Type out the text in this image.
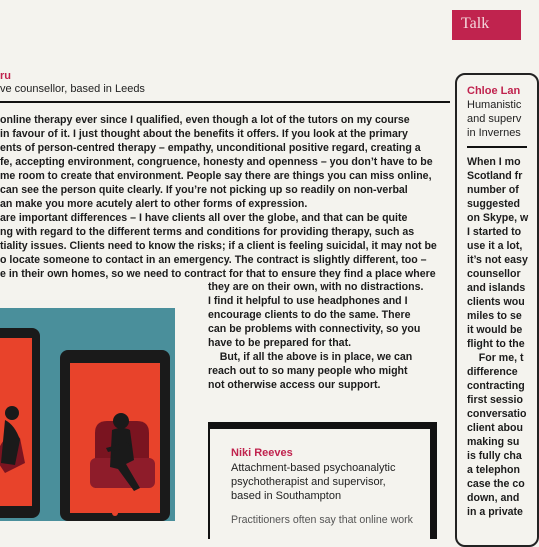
ru
ve counsellor, based in Leeds
online therapy ever since I qualified, even though a lot of the tutors on my course
in favour of it. I just thought about the benefits it offers. If you look at the primary
ents of person-centred therapy – empathy, unconditional positive regard, creating a
fe, accepting environment, congruence, honesty and openness – you don’t have to be
me room to create that environment. People say there are things you can miss online,
can see the person quite clearly. If you’re not picking up so readily on non-verbal
an make you more acutely alert to other forms of expression.
are important differences – I have clients all over the globe, and that can be quite
ng with regard to the different terms and conditions for providing therapy, such as
tiality issues. Clients need to know the risks; if a client is feeling suicidal, it may not be
o locate someone to contact in an emergency. The contract is slightly different, too –
e in their own homes, so we need to contract for that to ensure they find a place where
they are on their own, with no distractions.
I find it helpful to use headphones and I
encourage clients to do the same. There
can be problems with connectivity, so you
have to be prepared for that.
But, if all the above is in place, we can
reach out to so many people who might
not otherwise access our support.
Talk
Chloe Lan
Humanistic
and superv
in Invernes
When I mo
Scotland fr
number of
suggested
on Skype, w
I started to
use it a lot,
it’s not easy
counsellor
and islands
clients wou
miles to se
it would be
flight to the
For me, t
difference
contracting
first sessio
conversatio
client abou
making su
is fully cha
a telephon
case the co
down, and
in a private
Niki Reeves
Attachment-based psychoanalytic
psychotherapist and supervisor,
based in Southampton
Practitioners often say that online work
